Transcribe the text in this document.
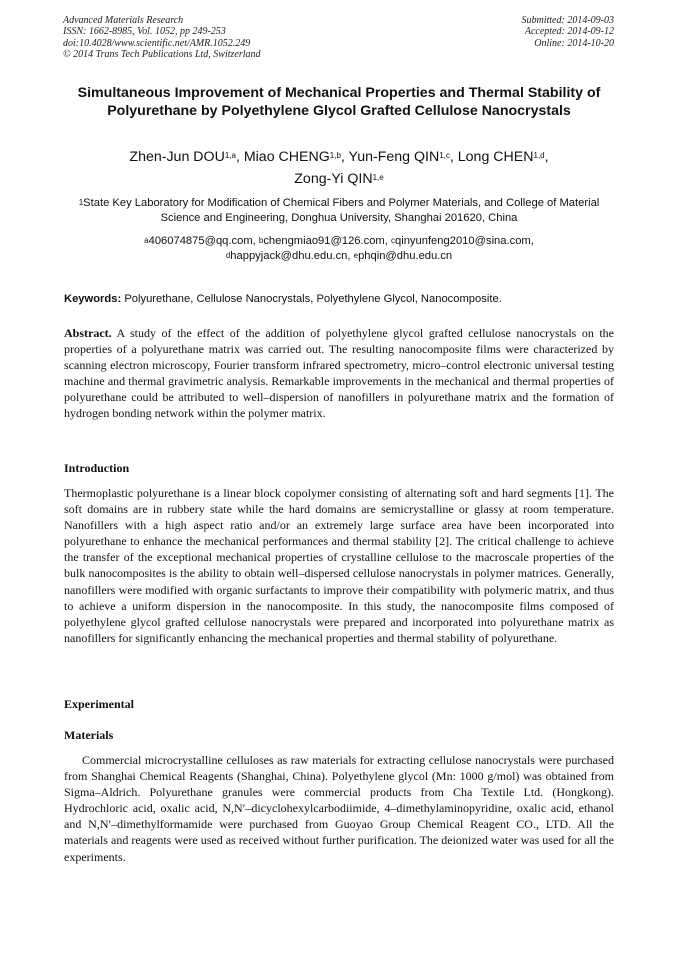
Advanced Materials Research
ISSN: 1662-8985, Vol. 1052, pp 249-253
doi:10.4028/www.scientific.net/AMR.1052.249
© 2014 Trans Tech Publications Ltd, Switzerland
Submitted: 2014-09-03
Accepted: 2014-09-12
Online: 2014-10-20
Simultaneous Improvement of Mechanical Properties and Thermal Stability of Polyurethane by Polyethylene Glycol Grafted Cellulose Nanocrystals
Zhen-Jun DOU$^{1,a}$, Miao CHENG$^{1,b}$, Yun-Feng QIN$^{1,c}$, Long CHEN$^{1,d}$,
Zong-Yi QIN$^{1,e}$
$^1$State Key Laboratory for Modification of Chemical Fibers and Polymer Materials, and College of Material Science and Engineering, Donghua University, Shanghai 201620, China
$^a$406074875@qq.com, $^b$chengmiao91@126.com, $^c$qinyunfeng2010@sina.com,
$^d$happyjack@dhu.edu.cn, $^e$phqin@dhu.edu.cn
Keywords: Polyurethane, Cellulose Nanocrystals, Polyethylene Glycol, Nanocomposite.
Abstract. A study of the effect of the addition of polyethylene glycol grafted cellulose nanocrystals on the properties of a polyurethane matrix was carried out. The resulting nanocomposite films were characterized by scanning electron microscopy, Fourier transform infrared spectrometry, micro–control electronic universal testing machine and thermal gravimetric analysis. Remarkable improvements in the mechanical and thermal properties of polyurethane could be attributed to well–dispersion of nanofillers in polyurethane matrix and the formation of hydrogen bonding network within the polymer matrix.
Introduction
Thermoplastic polyurethane is a linear block copolymer consisting of alternating soft and hard segments [1]. The soft domains are in rubbery state while the hard domains are semicrystalline or glassy at room temperature. Nanofillers with a high aspect ratio and/or an extremely large surface area have been incorporated into polyurethane to enhance the mechanical performances and thermal stability [2]. The critical challenge to achieve the transfer of the exceptional mechanical properties of crystalline cellulose to the macroscale properties of the bulk nanocomposites is the ability to obtain well–dispersed cellulose nanocrystals in polymer matrices. Generally, nanofillers were modified with organic surfactants to improve their compatibility with polymeric matrix, and thus to achieve a uniform dispersion in the nanocomposite. In this study, the nanocomposite films composed of polyethylene glycol grafted cellulose nanocrystals were prepared and incorporated into polyurethane matrix as nanofillers for significantly enhancing the mechanical properties and thermal stability of polyurethane.
Experimental
Materials
Commercial microcrystalline celluloses as raw materials for extracting cellulose nanocrystals were purchased from Shanghai Chemical Reagents (Shanghai, China). Polyethylene glycol (Mn: 1000 g/mol) was obtained from Sigma–Aldrich. Polyurethane granules were commercial products from Cha Textile Ltd. (Hongkong). Hydrochloric acid, oxalic acid, N,N′–dicyclohexylcarbodiimide, 4–dimethylaminopyridine, oxalic acid, ethanol and N,N′–dimethylformamide were purchased from Guoyao Group Chemical Reagent CO., LTD. All the materials and reagents were used as received without further purification. The deionized water was used for all the experiments.
